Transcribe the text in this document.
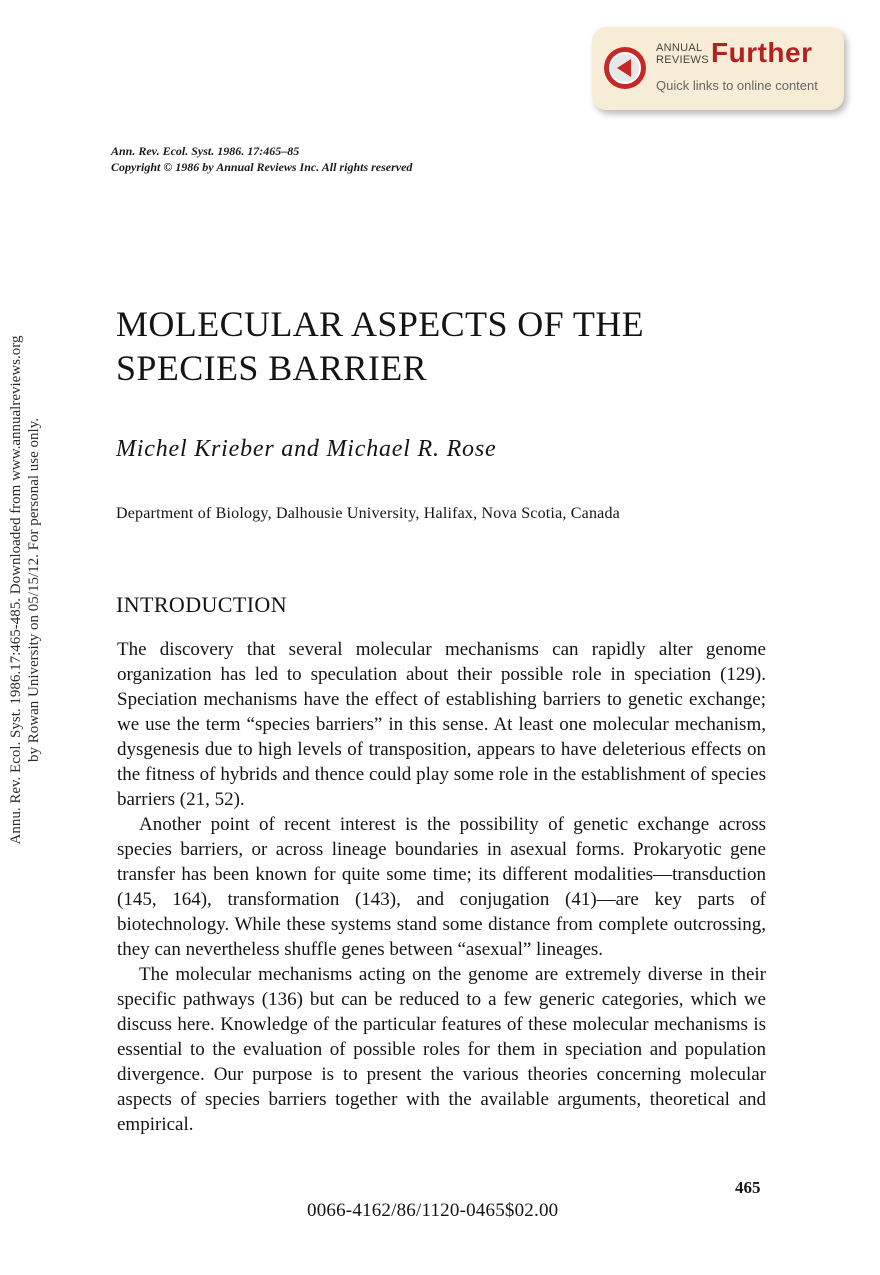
Annu. Rev. Ecol. Syst. 1986.17:465-485. Downloaded from www.annualreviews.org by Rowan University on 05/15/12. For personal use only.
ANNUAL
REVIEWS Further
Quick links to online content
Ann. Rev. Ecol. Syst. 1986. 17:465–85
Copyright © 1986 by Annual Reviews Inc. All rights reserved
MOLECULAR ASPECTS OF THE
SPECIES BARRIER
Michel Krieber and Michael R. Rose
Department of Biology, Dalhousie University, Halifax, Nova Scotia, Canada
INTRODUCTION

The discovery that several molecular mechanisms can rapidly alter genome organization has led to speculation about their possible role in speciation (129). Speciation mechanisms have the effect of establishing barriers to genetic exchange; we use the term “species barriers” in this sense. At least one molecular mechanism, dysgenesis due to high levels of transposition, appears to have deleterious effects on the fitness of hybrids and thence could play some role in the establishment of species barriers (21, 52).

Another point of recent interest is the possibility of genetic exchange across species barriers, or across lineage boundaries in asexual forms. Prokaryotic gene transfer has been known for quite some time; its different modalities—transduction (145, 164), transformation (143), and conjugation (41)—are key parts of biotechnology. While these systems stand some distance from complete outcrossing, they can nevertheless shuffle genes between “asexual” lineages.

The molecular mechanisms acting on the genome are extremely diverse in their specific pathways (136) but can be reduced to a few generic categories, which we discuss here. Knowledge of the particular features of these molecular mechanisms is essential to the evaluation of possible roles for them in speciation and population divergence. Our purpose is to present the various theories concerning molecular aspects of species barriers together with the available arguments, theoretical and empirical.

465
0066-4162/86/1120-0465$02.00
